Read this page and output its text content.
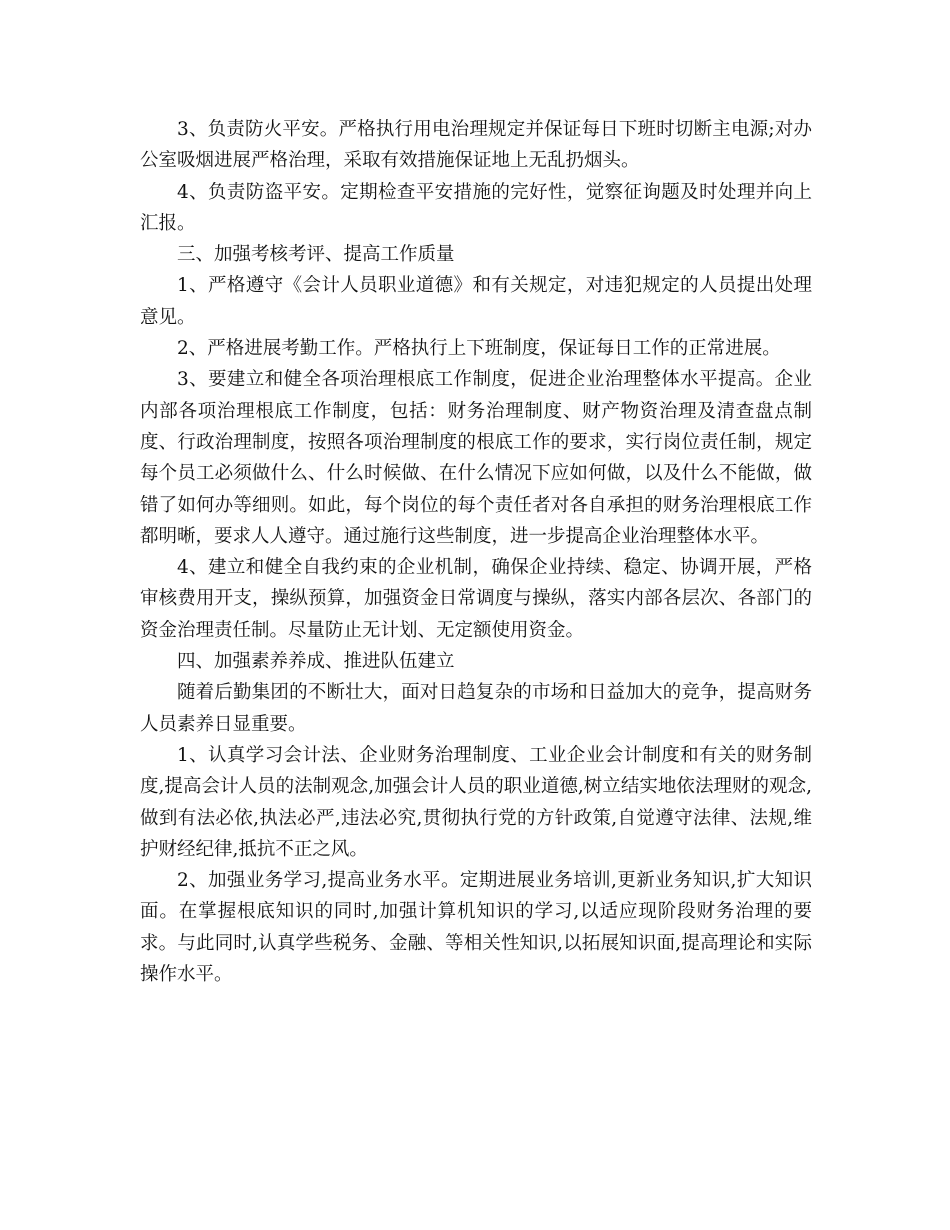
3、负责防火平安。严格执行用电治理规定并保证每日下班时切断主电源;对办公室吸烟进展严格治理，采取有效措施保证地上无乱扔烟头。

4、负责防盗平安。定期检查平安措施的完好性，觉察征询题及时处理并向上汇报。

三、加强考核考评、提高工作质量

1、严格遵守《会计人员职业道德》和有关规定，对违犯规定的人员提出处理意见。

2、严格进展考勤工作。严格执行上下班制度，保证每日工作的正常进展。

3、要建立和健全各项治理根底工作制度，促进企业治理整体水平提高。企业内部各项治理根底工作制度，包括：财务治理制度、财产物资治理及清查盘点制度、行政治理制度，按照各项治理制度的根底工作的要求，实行岗位责任制，规定每个员工必须做什么、什么时候做、在什么情况下应如何做，以及什么不能做，做错了如何办等细则。如此，每个岗位的每个责任者对各自承担的财务治理根底工作都明晰，要求人人遵守。通过施行这些制度，进一步提高企业治理整体水平。

4、建立和健全自我约束的企业机制，确保企业持续、稳定、协调开展，严格审核费用开支，操纵预算，加强资金日常调度与操纵，落实内部各层次、各部门的资金治理责任制。尽量防止无计划、无定额使用资金。

四、加强素养养成、推进队伍建立

随着后勤集团的不断壮大，面对日趋复杂的市场和日益加大的竞争，提高财务人员素养日显重要。

1、认真学习会计法、企业财务治理制度、工业企业会计制度和有关的财务制度,提高会计人员的法制观念,加强会计人员的职业道德,树立结实地依法理财的观念,做到有法必依,执法必严,违法必究,贯彻执行党的方针政策,自觉遵守法律、法规,维护财经纪律,抵抗不正之风。

2、加强业务学习,提高业务水平。定期进展业务培训,更新业务知识,扩大知识面。在掌握根底知识的同时,加强计算机知识的学习,以适应现阶段财务治理的要求。与此同时,认真学些税务、金融、等相关性知识,以拓展知识面,提高理论和实际操作水平。
